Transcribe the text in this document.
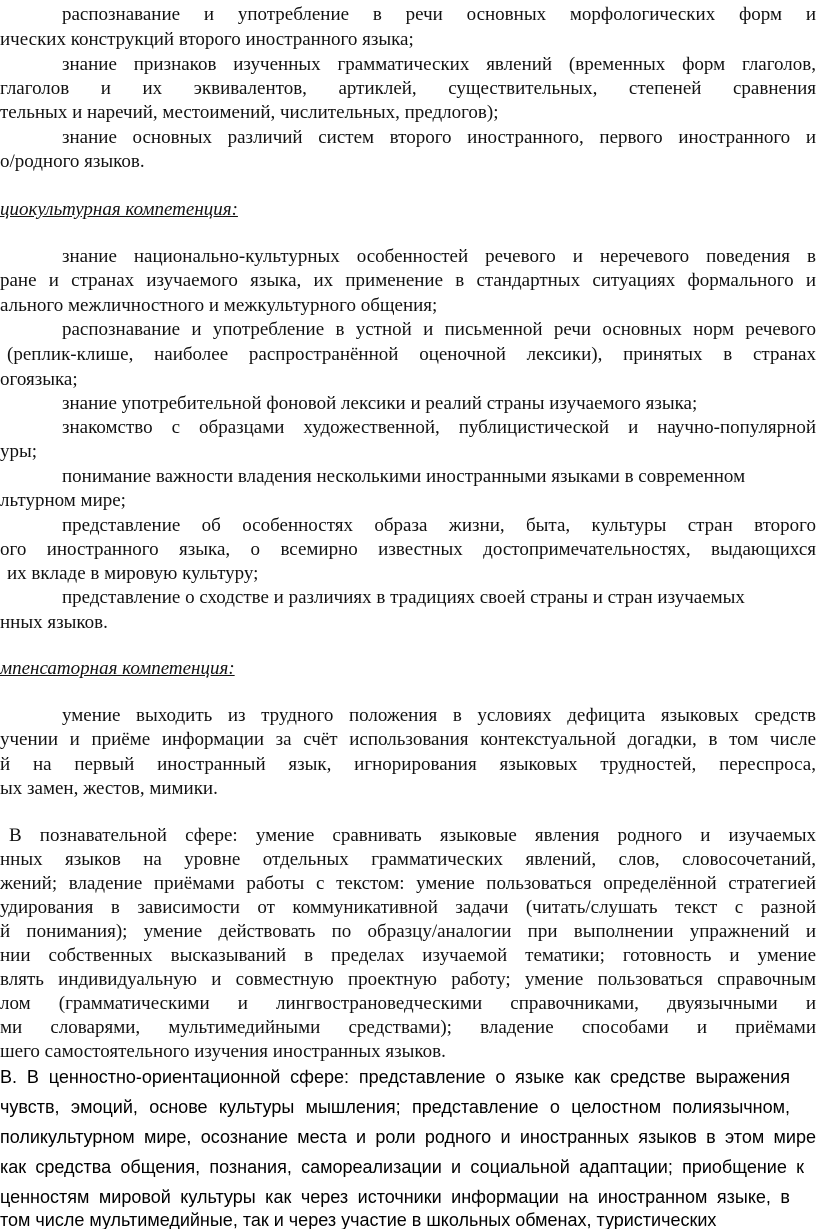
распознавание и употребление в речи основных морфологических форм и
ических конструкций второго иностранного языка;
знание признаков изученных грамматических явлений (временных форм глаголов,
глаголов и их эквивалентов, артиклей, существительных, степеней сравнения
тельных и наречий, местоимений, числительных, предлогов);
знание основных различий систем второго иностранного, первого иностранного и
о/родного языков.
циокультурная компетенция:
знание национально-культурных особенностей речевого и неречевого поведения в
ране и странах изучаемого языка, их применение в стандартных ситуациях формального и
ального межличностного и межкультурного общения;
распознавание и употребление в устной и письменной речи основных норм речевого
(реплик-клише, наиболее распространённой оценочной лексики), принятых в странах
огоязыка;
знание употребительной фоновой лексики и реалий страны изучаемого языка;
знакомство с образцами художественной, публицистической и научно-популярной
уры;
понимание важности владения несколькими иностранными языками в современном
льтурном мире;
представление об особенностях образа жизни, быта, культуры стран второго
ого иностранного языка, о всемирно известных достопримечательностях, выдающихся
их вкладе в мировую культуру;
представление о сходстве и различиях в традициях своей страны и стран изучаемых
нных языков.
мпенсаторная компетенция:
умение выходить из трудного положения в условиях дефицита языковых средств
учении и приёме информации за счёт использования контекстуальной догадки, в том числе
й на первый иностранный язык, игнорирования языковых трудностей, переспроса,
ых замен, жестов, мимики.
В познавательной сфере: умение сравнивать языковые явления родного и изучаемых
нных языков на уровне отдельных грамматических явлений, слов, словосочетаний,
жений; владение приёмами работы с текстом: умение пользоваться определённой стратегией
удирования в зависимости от коммуникативной задачи (читать/слушать текст с разной
й понимания); умение действовать по образцу/аналогии при выполнении упражнений и
нии собственных высказываний в пределах изучаемой тематики; готовность и умение
влять индивидуальную и совместную проектную работу; умение пользоваться справочным
лом (грамматическими и лингвострановедческими справочниками, двуязычными и
ми словарями, мультимедийными средствами); владение способами и приёмами
шего самостоятельного изучения иностранных языков.
В. В ценностно-ориентационной сфере: представление о языке как средстве выражения
чувств, эмоций, основе культуры мышления; представление о целостном полиязычном,
поликультурном мире, осознание места и роли родного и иностранных языков в этом мире
как средства общения, познания, самореализации и социальной адаптации; приобщение к
ценностям мировой культуры как через источники информации на иностранном языке, в
том числе мультимедийные, так и через участие в школьных обменах, туристических
